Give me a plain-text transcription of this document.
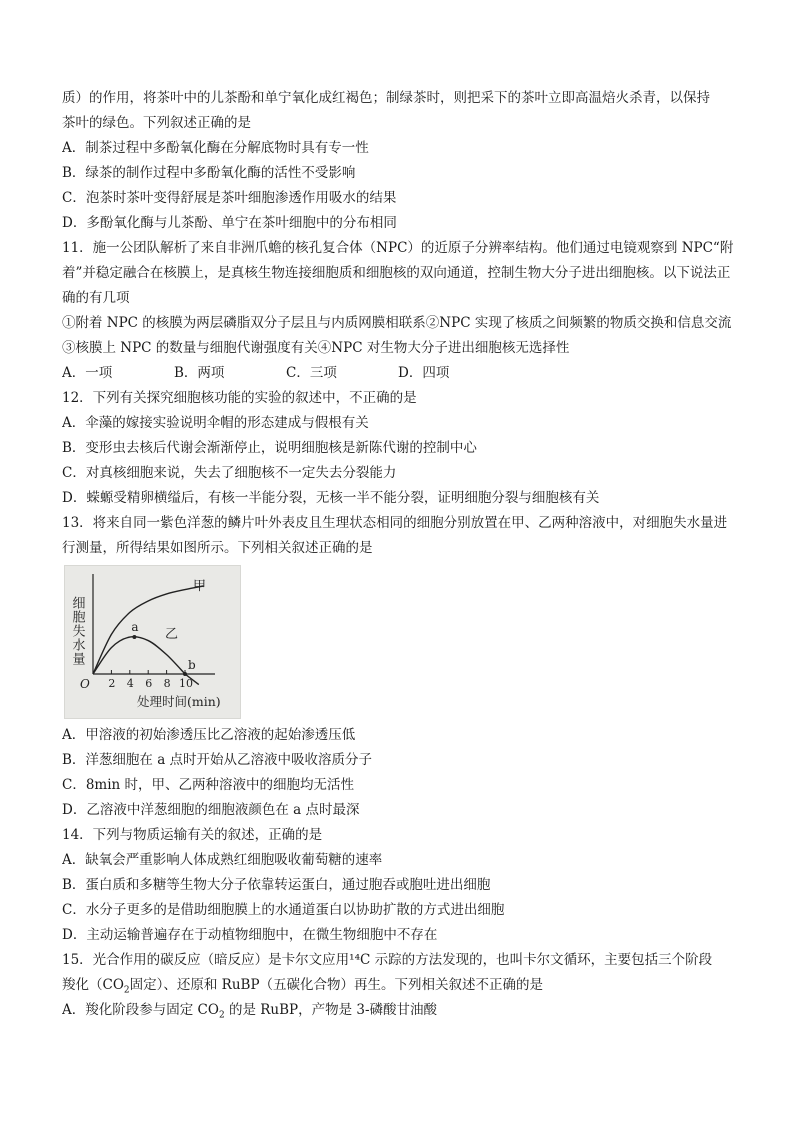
质）的作用，将茶叶中的儿茶酚和单宁氧化成红褐色；制绿茶时，则把采下的茶叶立即高温焙火杀青，以保持
茶叶的绿色。下列叙述正确的是
A．制茶过程中多酚氧化酶在分解底物时具有专一性
B．绿茶的制作过程中多酚氧化酶的活性不受影响
C．泡茶时茶叶变得舒展是茶叶细胞渗透作用吸水的结果
D．多酚氧化酶与儿茶酚、单宁在茶叶细胞中的分布相同
11．施一公团队解析了来自非洲爪蟾的核孔复合体（NPC）的近原子分辨率结构。他们通过电镜观察到 NPC“附着”并稳定融合在核膜上，是真核生物连接细胞质和细胞核的双向通道，控制生物大分子进出细胞核。以下说法正确的有几项
①附着 NPC 的核膜为两层磷脂双分子层且与内质网膜相联系②NPC 实现了核质之间频繁的物质交换和信息交流③核膜上 NPC 的数量与细胞代谢强度有关④NPC 对生物大分子进出细胞核无选择性
A．一项	B．两项	C．三项	D．四项
12．下列有关探究细胞核功能的实验的叙述中，不正确的是
A．伞藻的嫁接实验说明伞帽的形态建成与假根有关
B．变形虫去核后代谢会渐渐停止，说明细胞核是新陈代谢的控制中心
C．对真核细胞来说，失去了细胞核不一定失去分裂能力
D．蝾螈受精卵横缢后，有核一半能分裂，无核一半不能分裂，证明细胞分裂与细胞核有关
13．将来自同一紫色洋葱的鳞片叶外表皮且生理状态相同的细胞分别放置在甲、乙两种溶液中，对细胞失水量进行测量，所得结果如图所示。下列相关叙述正确的是
细胞失水量
O 2 4 6 8 10
a
b
甲
乙
处理时间(min)
A．甲溶液的初始渗透压比乙溶液的起始渗透压低
B．洋葱细胞在 a 点时开始从乙溶液中吸收溶质分子
C．8min 时，甲、乙两种溶液中的细胞均无活性
D．乙溶液中洋葱细胞的细胞液颜色在 a 点时最深
14．下列与物质运输有关的叙述，正确的是
A．缺氧会严重影响人体成熟红细胞吸收葡萄糖的速率
B．蛋白质和多糖等生物大分子依靠转运蛋白，通过胞吞或胞吐进出细胞
C．水分子更多的是借助细胞膜上的水通道蛋白以协助扩散的方式进出细胞
D．主动运输普遍存在于动植物细胞中，在微生物细胞中不存在
15．光合作用的碳反应（暗反应）是卡尔文应用¹⁴C 示踪的方法发现的，也叫卡尔文循环，主要包括三个阶段
羧化（$CO_2$固定）、还原和 RuBP（五碳化合物）再生。下列相关叙述不正确的是
A．羧化阶段参与固定 $CO_2$ 的是 RuBP，产物是 3-磷酸甘油酸
